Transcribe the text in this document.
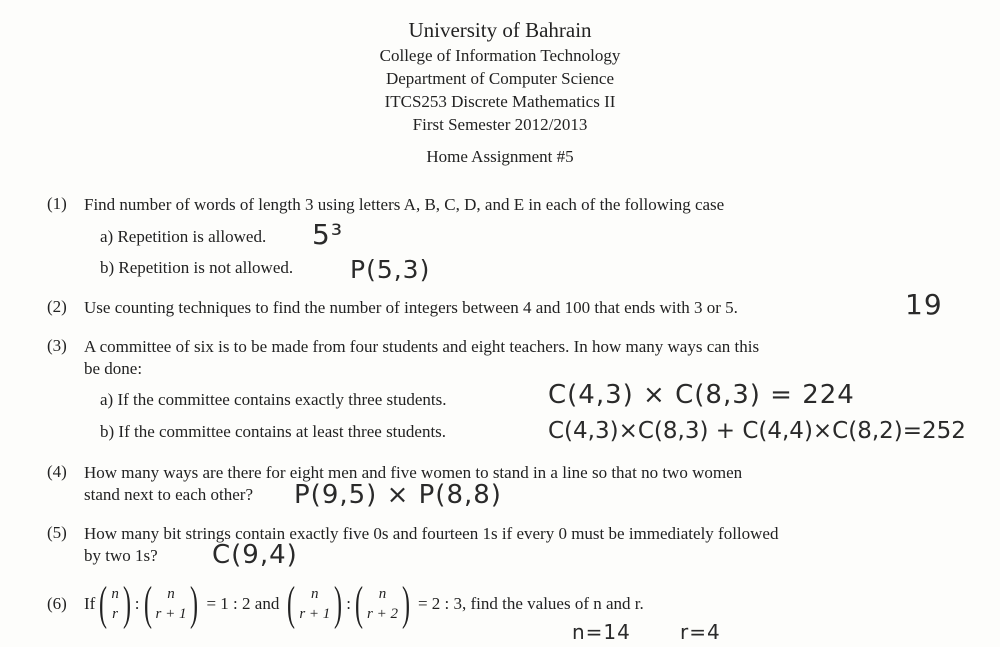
University of Bahrain
College of Information Technology
Department of Computer Science
ITCS253 Discrete Mathematics II
First Semester 2012/2013
Home Assignment #5
(1) Find number of words of length 3 using letters A, B, C, D, and E in each of the following case
a) Repetition is allowed. 5³
b) Repetition is not allowed. P(5,3)
(2) Use counting techniques to find the number of integers between 4 and 100 that ends with 3 or 5.	19
(3) A committee of six is to be made from four students and eight teachers. In how many ways can this
be done:
a) If the committee contains exactly three students.	C(4,3) × C(8,3) = 224
b) If the committee contains at least three students.	C(4,3)×C(8,3) + C(4,4)×C(8,2)=252
(4) How many ways are there for eight men and five women to stand in a line so that no two women
stand next to each other? P(9,5) × P(8,8)
(5) How many bit strings contain exactly five 0s and fourteen 1s if every 0 must be immediately followed
by two 1s? C(9,4)
(6) If ( n
r ) : ( n
r + 1 ) = 1 : 2 and ( n
r + 1 ) : ( n
r + 2 ) = 2 : 3, find the values of n and r.
n=14 r=4
